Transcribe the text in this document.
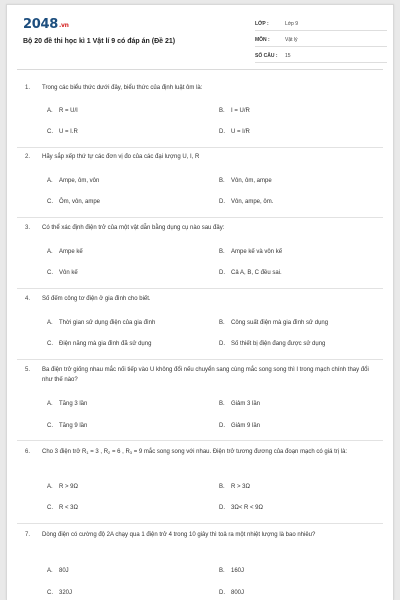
2048.vn
Bộ 20 đề thi học kì 1 Vật lí 9 có đáp án (Đề 21)
LỚP :	Lớp 9
MÔN :	Vật lý
SỐ CÂU : 15
1. Trong các biểu thức dưới đây, biểu thức của định luật ôm là:
A. R = U/I	B. I = U/R
C. U = I.R	D. U = I/R
2. Hãy sắp xếp thứ tự các đơn vị đo của các đại lượng U, I, R
A. Ampe, ôm, vôn	B. Vôn, ôm, ampe
C. Ôm, vôn, ampe	D. Vôn, ampe, ôm.
3. Có thể xác định điện trở của một vật dẫn bằng dụng cụ nào sau đây:
A. Ampe kế	B. Ampe kế và vôn kế
C. Vôn kế	D. Cả A, B, C đều sai.
4. Số đếm công tơ điện ở gia đình cho biết.
A. Thời gian sử dụng điện của gia đình	B. Công suất điện mà gia đình sử dụng
C. Điện năng mà gia đình đã sử dụng	D. Số thiết bị điện đang được sử dụng
5. Ba điện trở giống nhau mắc nối tiếp vào U không đổi nếu chuyển sang cùng mắc song song thì I trong mạch chính thay đổi như thế nào?
A. Tăng 3 lần	B. Giảm 3 lần
C. Tăng 9 lần	D. Giảm 9 lần
6. Cho 3 điện trở $R_1 = 3$ , $R_2 = 6$ , $R_3 = 9$ mắc song song với nhau. Điện trở tương đương của đoạn mạch có giá trị là:
A. R > 9Ω	B. R > 3Ω
C. R < 3Ω	D. 3Ω< R < 9Ω
7. Dòng điện có cường độ 2A chạy qua 1 điện trở 4 trong 10 giây thì toả ra một nhiệt lượng là bao nhiêu?
A. 80J	B. 160J
C. 320J	D. 800J
